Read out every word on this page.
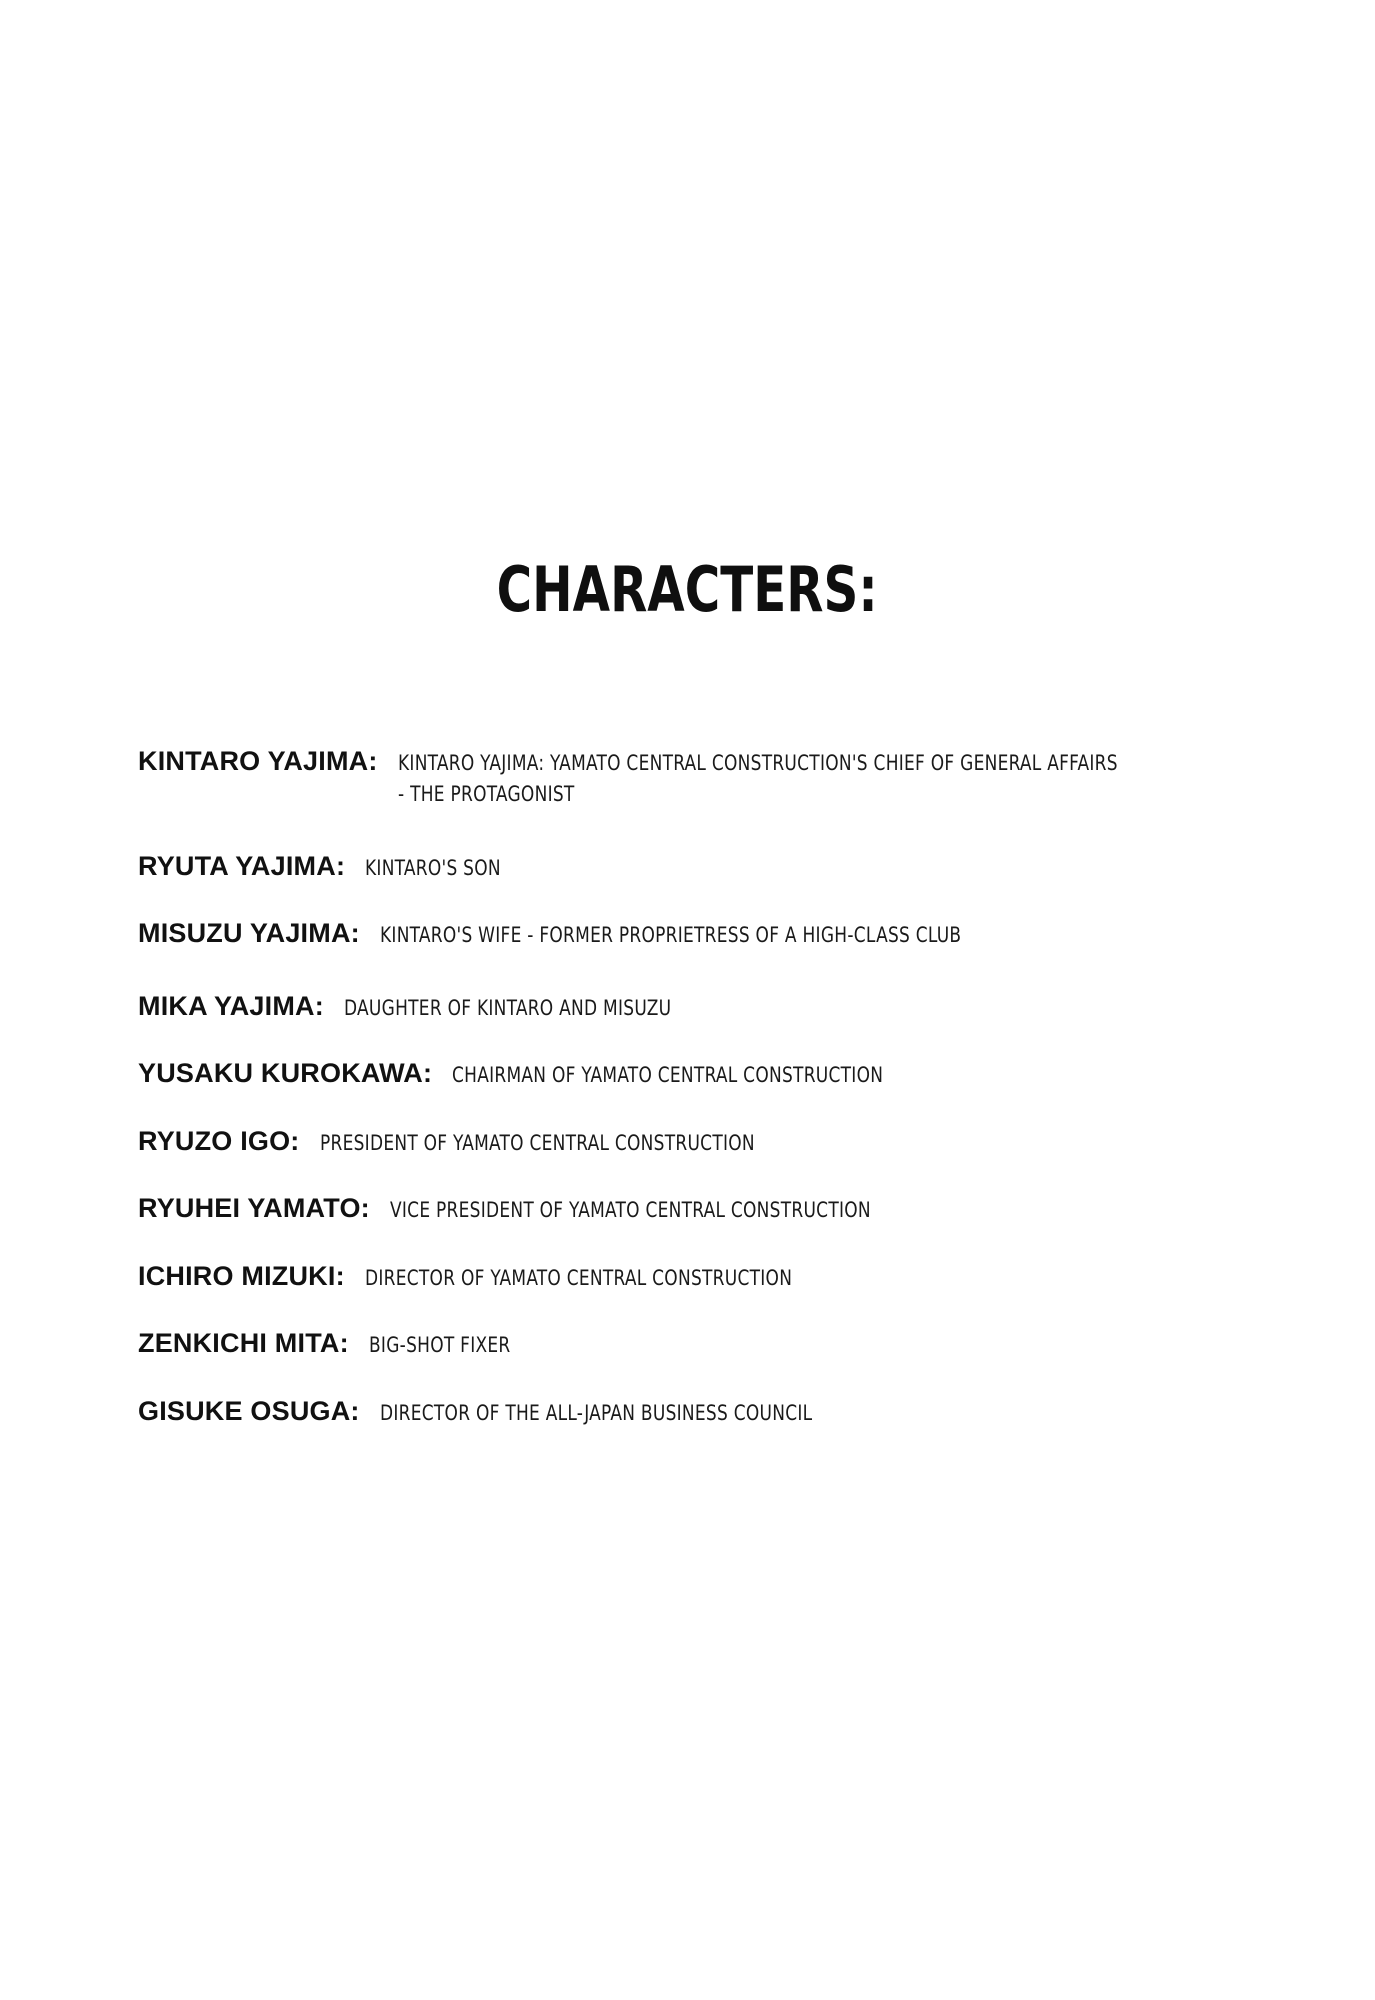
CHARACTERS:
KINTARO YAJIMA: KINTARO YAJIMA: YAMATO CENTRAL CONSTRUCTION'S CHIEF OF GENERAL AFFAIRS
- THE PROTAGONIST
RYUTA YAJIMA: KINTARO'S SON
MISUZU YAJIMA: KINTARO'S WIFE - FORMER PROPRIETRESS OF A HIGH-CLASS CLUB
MIKA YAJIMA: DAUGHTER OF KINTARO AND MISUZU
YUSAKU KUROKAWA: CHAIRMAN OF YAMATO CENTRAL CONSTRUCTION
RYUZO IGO: PRESIDENT OF YAMATO CENTRAL CONSTRUCTION
RYUHEI YAMATO: VICE PRESIDENT OF YAMATO CENTRAL CONSTRUCTION
ICHIRO MIZUKI: DIRECTOR OF YAMATO CENTRAL CONSTRUCTION
ZENKICHI MITA: BIG-SHOT FIXER
GISUKE OSUGA: DIRECTOR OF THE ALL-JAPAN BUSINESS COUNCIL
